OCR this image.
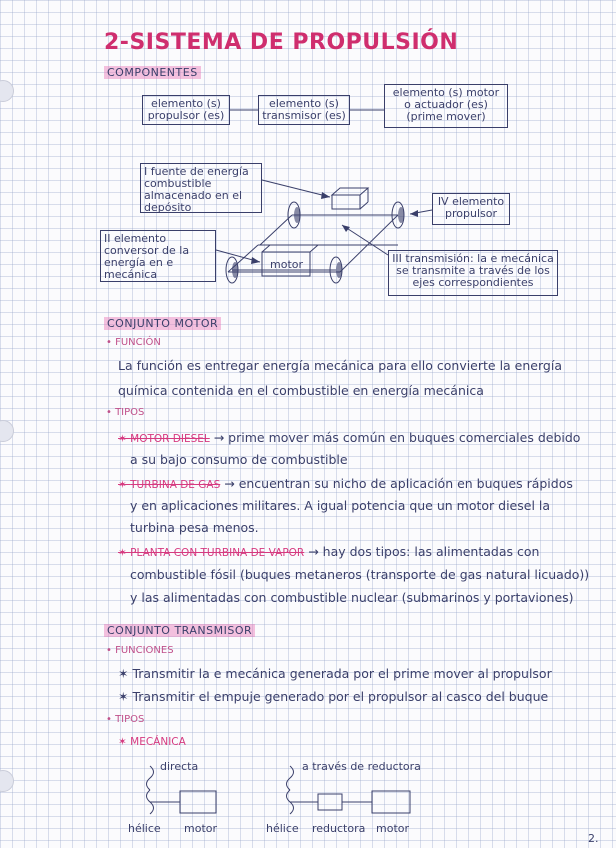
2-SISTEMA DE PROPULSIÓN
COMPONENTES
elemento (s) propulsor (es)
elemento (s) transmisor (es)
elemento (s) motor o actuador (es) (prime mover)
I fuente de energía combustible almacenado en el depósito
II elemento conversor de la energía en e mecánica
IV elemento propulsor
III transmisión: la e mecánica se transmite a través de los ejes correspondientes
motor
CONJUNTO MOTOR
• FUNCIÓN
La función es entregar energía mecánica para ello convierte la energía
química contenida en el combustible en energía mecánica
• TIPOS
✶ MOTOR DIESEL → prime mover más común en buques comerciales debido
a su bajo consumo de combustible
✶ TURBINA DE GAS → encuentran su nicho de aplicación en buques rápidos
y en aplicaciones militares. A igual potencia que un motor diesel la
turbina pesa menos.
✶ PLANTA CON TURBINA DE VAPOR → hay dos tipos: las alimentadas con
combustible fósil (buques metaneros (transporte de gas natural licuado))
y las alimentadas con combustible nuclear (submarinos y portaviones)
CONJUNTO TRANSMISOR
• FUNCIONES
✶ Transmitir la e mecánica generada por el prime mover al propulsor
✶ Transmitir el empuje generado por el propulsor al casco del buque
• TIPOS
✶ MECÁNICA
directa	a través de reductora
hélice motor	hélice reductora motor
2.
